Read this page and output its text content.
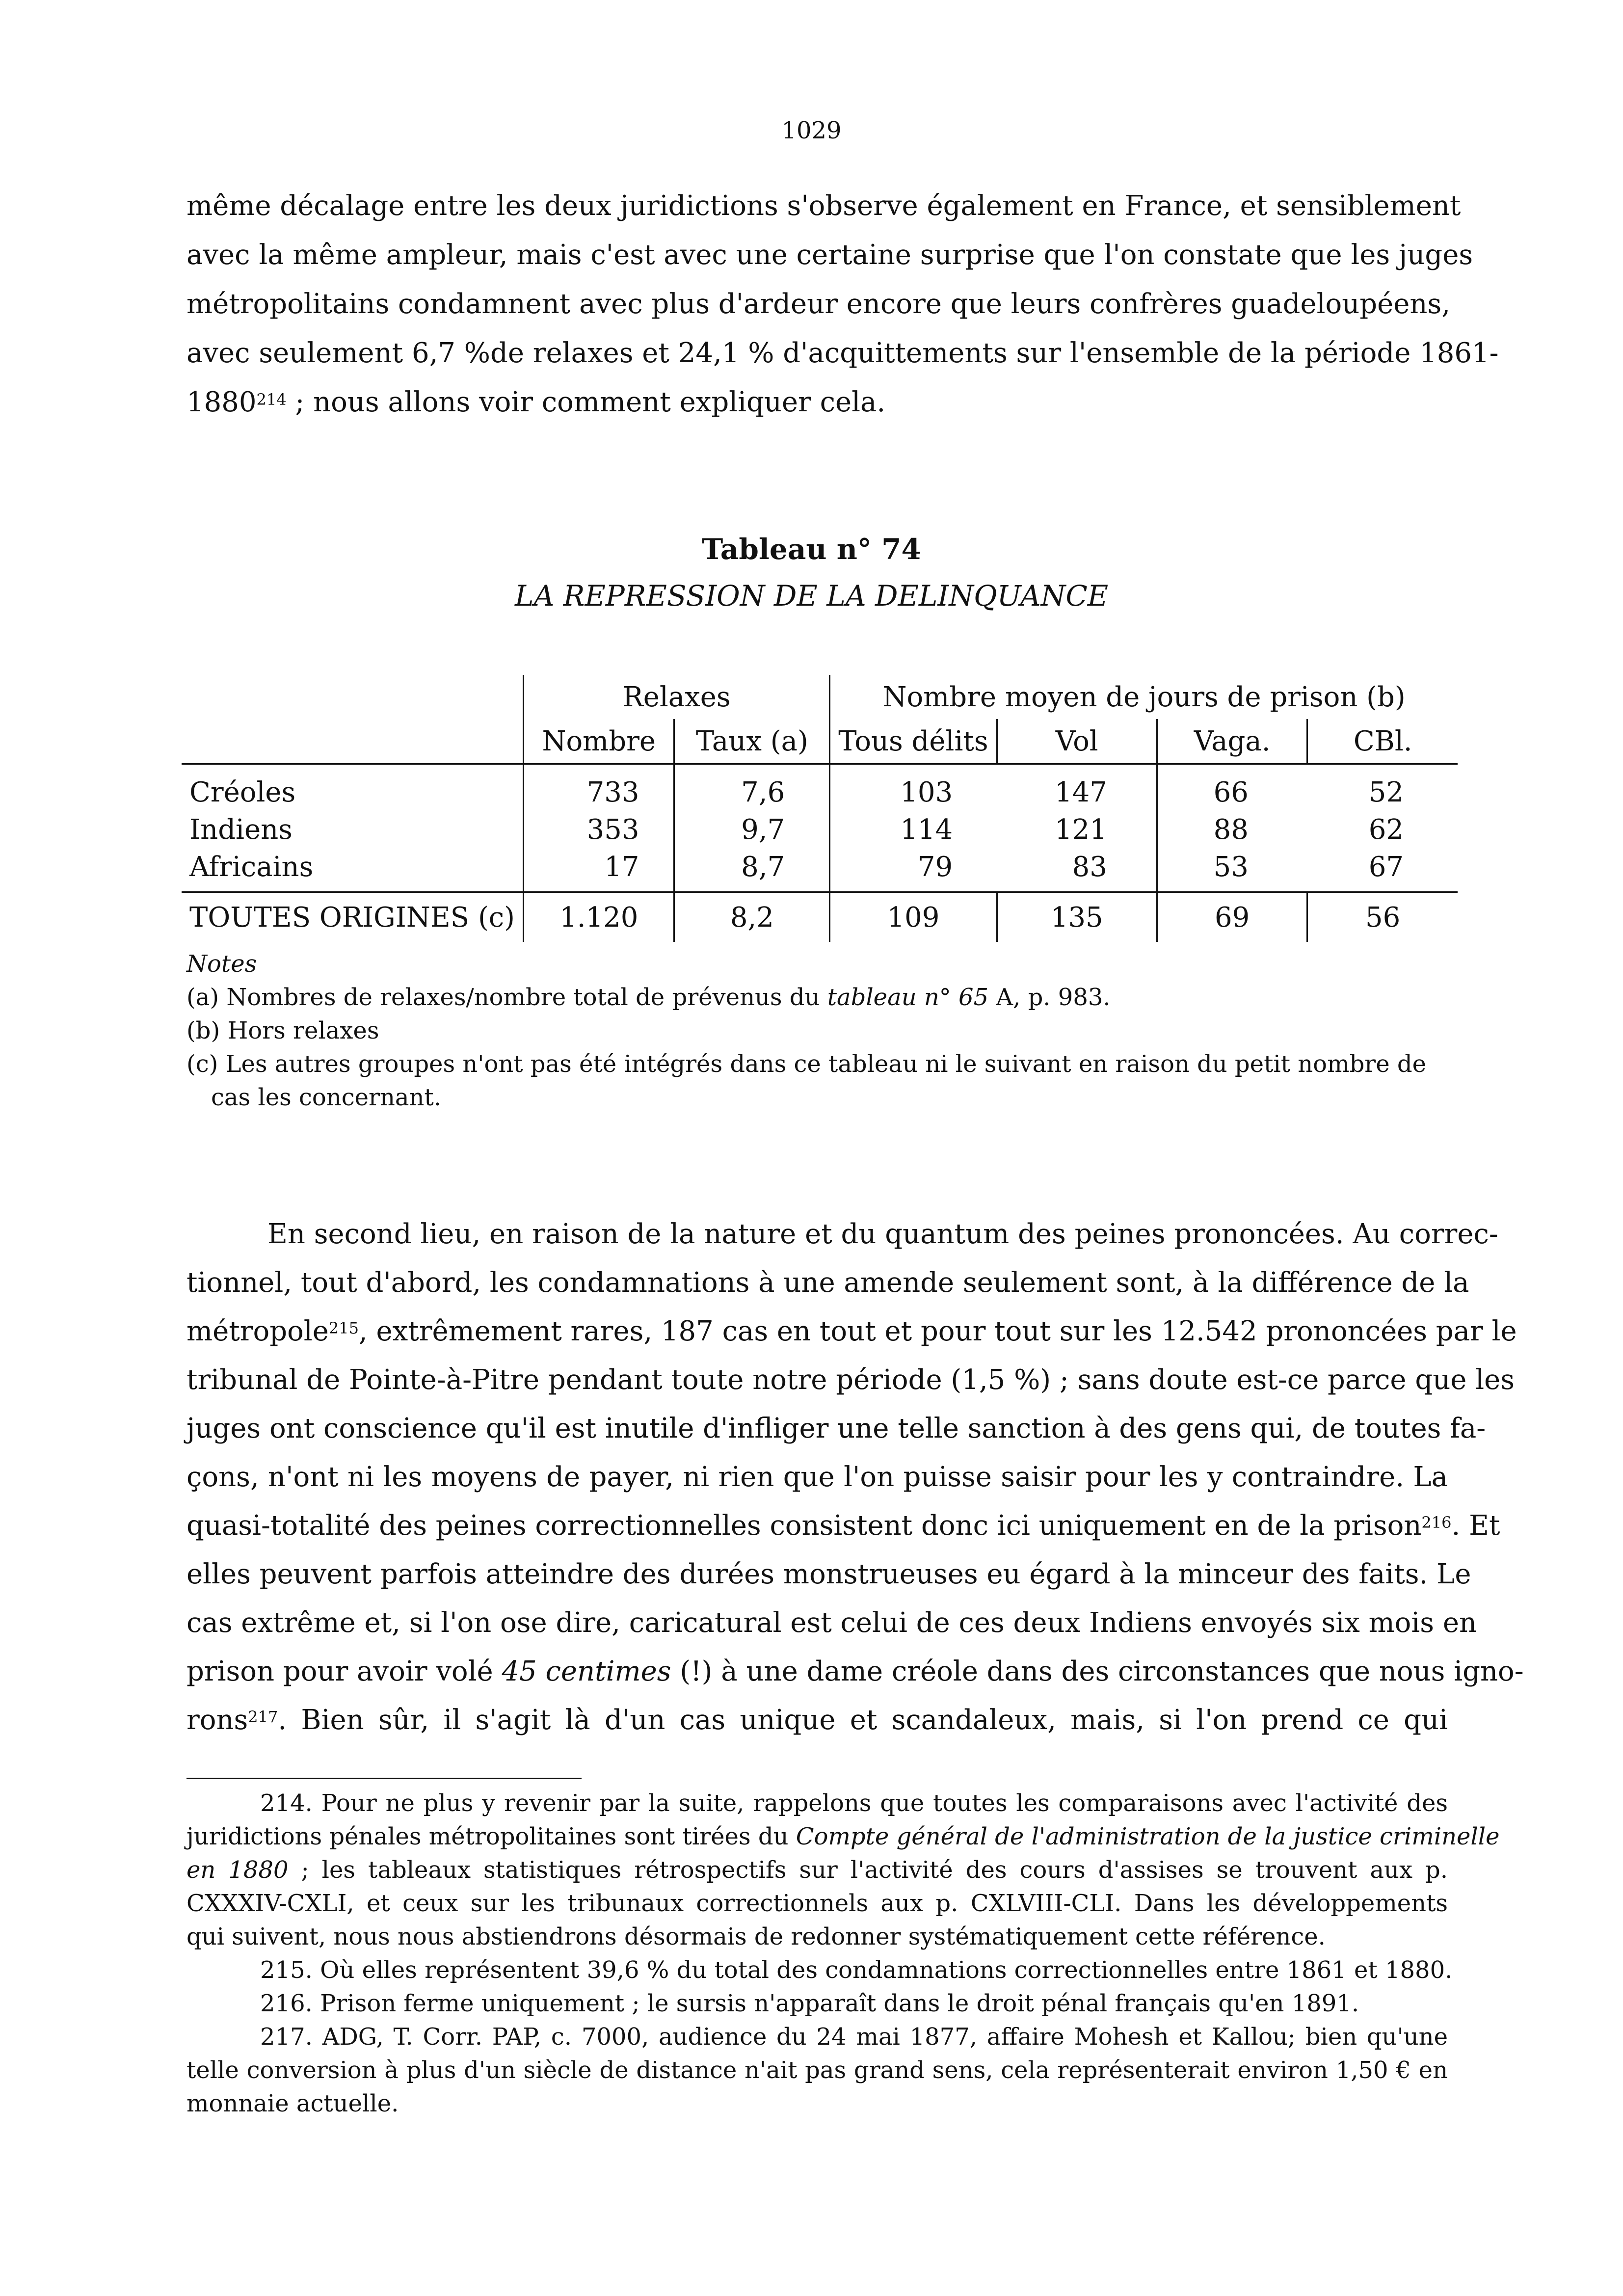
1029
même décalage entre les deux juridictions s'observe également en France, et sensiblement
avec la même ampleur, mais c'est avec une certaine surprise que l'on constate que les juges
métropolitains condamnent avec plus d'ardeur encore que leurs confrères guadeloupéens,
avec seulement 6,7 %de relaxes et 24,1 % d'acquittements sur l'ensemble de la période 1861-
1880$^{214}$ ; nous allons voir comment expliquer cela.
Tableau n° 74
LA REPRESSION DE LA DELINQUANCE
	Relaxes		Nombre moyen de jours de prison (b)			
	Nombre	Taux (a)	Tous délits	Vol	Vaga.	CBl.
Créoles	733	7,6	103	147	66	52
Indiens	353	9,7	114	121	88	62
Africains	17	8,7	79	83	53	67
TOUTES ORIGINES (c)	1.120	8,2	109	135	69	56
Notes
(a) Nombres de relaxes/nombre total de prévenus du tableau n° 65 A, p. 983.
(b) Hors relaxes
(c) Les autres groupes n'ont pas été intégrés dans ce tableau ni le suivant en raison du petit nombre de
cas les concernant.
En second lieu, en raison de la nature et du quantum des peines prononcées. Au correc-
tionnel, tout d'abord, les condamnations à une amende seulement sont, à la différence de la
métropole$^{215}$, extrêmement rares, 187 cas en tout et pour tout sur les 12.542 prononcées par le
tribunal de Pointe-à-Pitre pendant toute notre période (1,5 %) ; sans doute est-ce parce que les
juges ont conscience qu'il est inutile d'infliger une telle sanction à des gens qui, de toutes fa-
çons, n'ont ni les moyens de payer, ni rien que l'on puisse saisir pour les y contraindre. La
quasi-totalité des peines correctionnelles consistent donc ici uniquement en de la prison$^{216}$. Et
elles peuvent parfois atteindre des durées monstrueuses eu égard à la minceur des faits. Le
cas extrême et, si l'on ose dire, caricatural est celui de ces deux Indiens envoyés six mois en
prison pour avoir volé 45 centimes (!) à une dame créole dans des circonstances que nous igno-
rons$^{217}$. Bien sûr, il s'agit là d'un cas unique et scandaleux, mais, si l'on prend ce qui
214. Pour ne plus y revenir par la suite, rappelons que toutes les comparaisons avec l'activité des
juridictions pénales métropolitaines sont tirées du Compte général de l'administration de la justice criminelle
en 1880 ; les tableaux statistiques rétrospectifs sur l'activité des cours d'assises se trouvent aux p.
CXXXIV-CXLI, et ceux sur les tribunaux correctionnels aux p. CXLVIII-CLI. Dans les développements
qui suivent, nous nous abstiendrons désormais de redonner systématiquement cette référence.
215. Où elles représentent 39,6 % du total des condamnations correctionnelles entre 1861 et 1880.
216. Prison ferme uniquement ; le sursis n'apparaît dans le droit pénal français qu'en 1891.
217. ADG, T. Corr. PAP, c. 7000, audience du 24 mai 1877, affaire Mohesh et Kallou; bien qu'une
telle conversion à plus d'un siècle de distance n'ait pas grand sens, cela représenterait environ 1,50 € en
monnaie actuelle.
